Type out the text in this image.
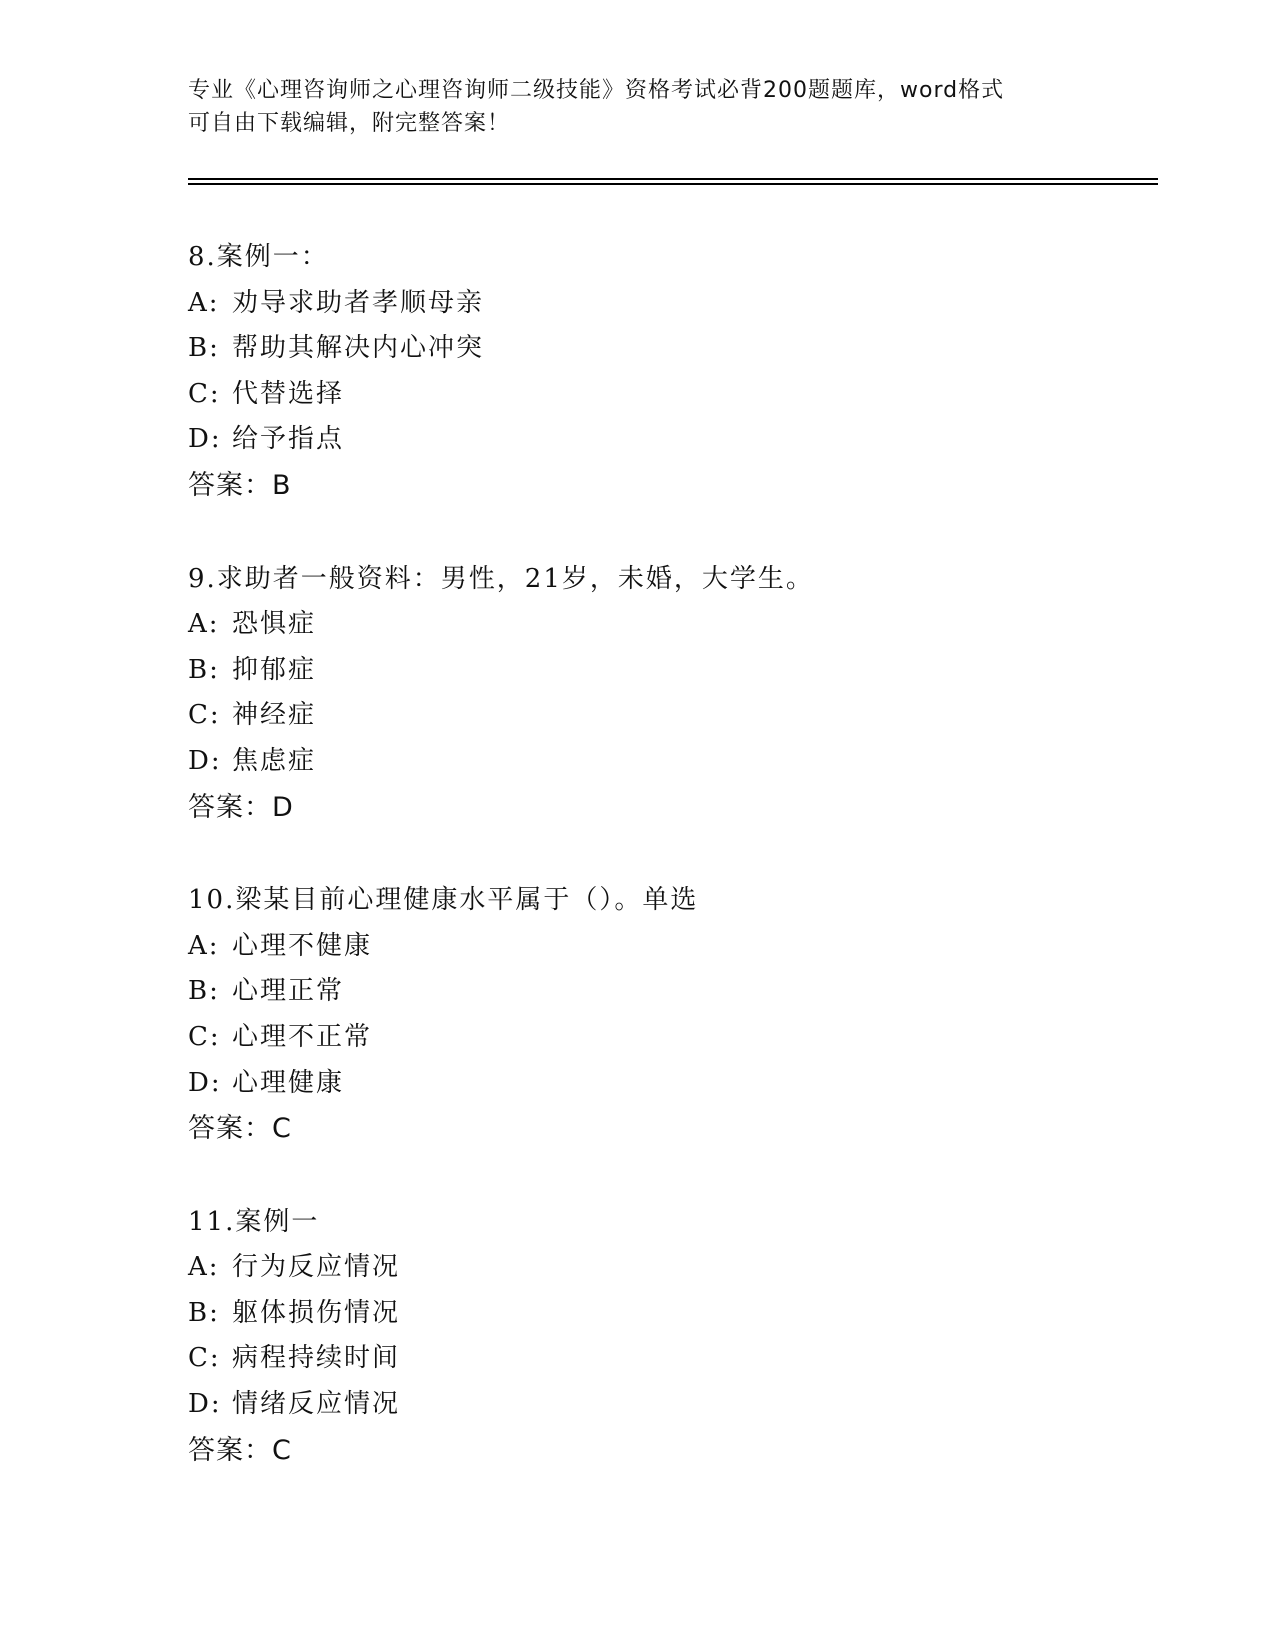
专业《心理咨询师之心理咨询师二级技能》资格考试必背200题题库，word格式
可自由下载编辑，附完整答案！
8.案例一：
A: 劝导求助者孝顺母亲
B: 帮助其解决内心冲突
C: 代替选择
D: 给予指点
答案：B
9.求助者一般资料：男性，21岁，未婚，大学生。
A: 恐惧症
B: 抑郁症
C: 神经症
D: 焦虑症
答案：D
10.梁某目前心理健康水平属于（）。单选
A: 心理不健康
B: 心理正常
C: 心理不正常
D: 心理健康
答案：C
11.案例一
A: 行为反应情况
B: 躯体损伤情况
C: 病程持续时间
D: 情绪反应情况
答案：C
